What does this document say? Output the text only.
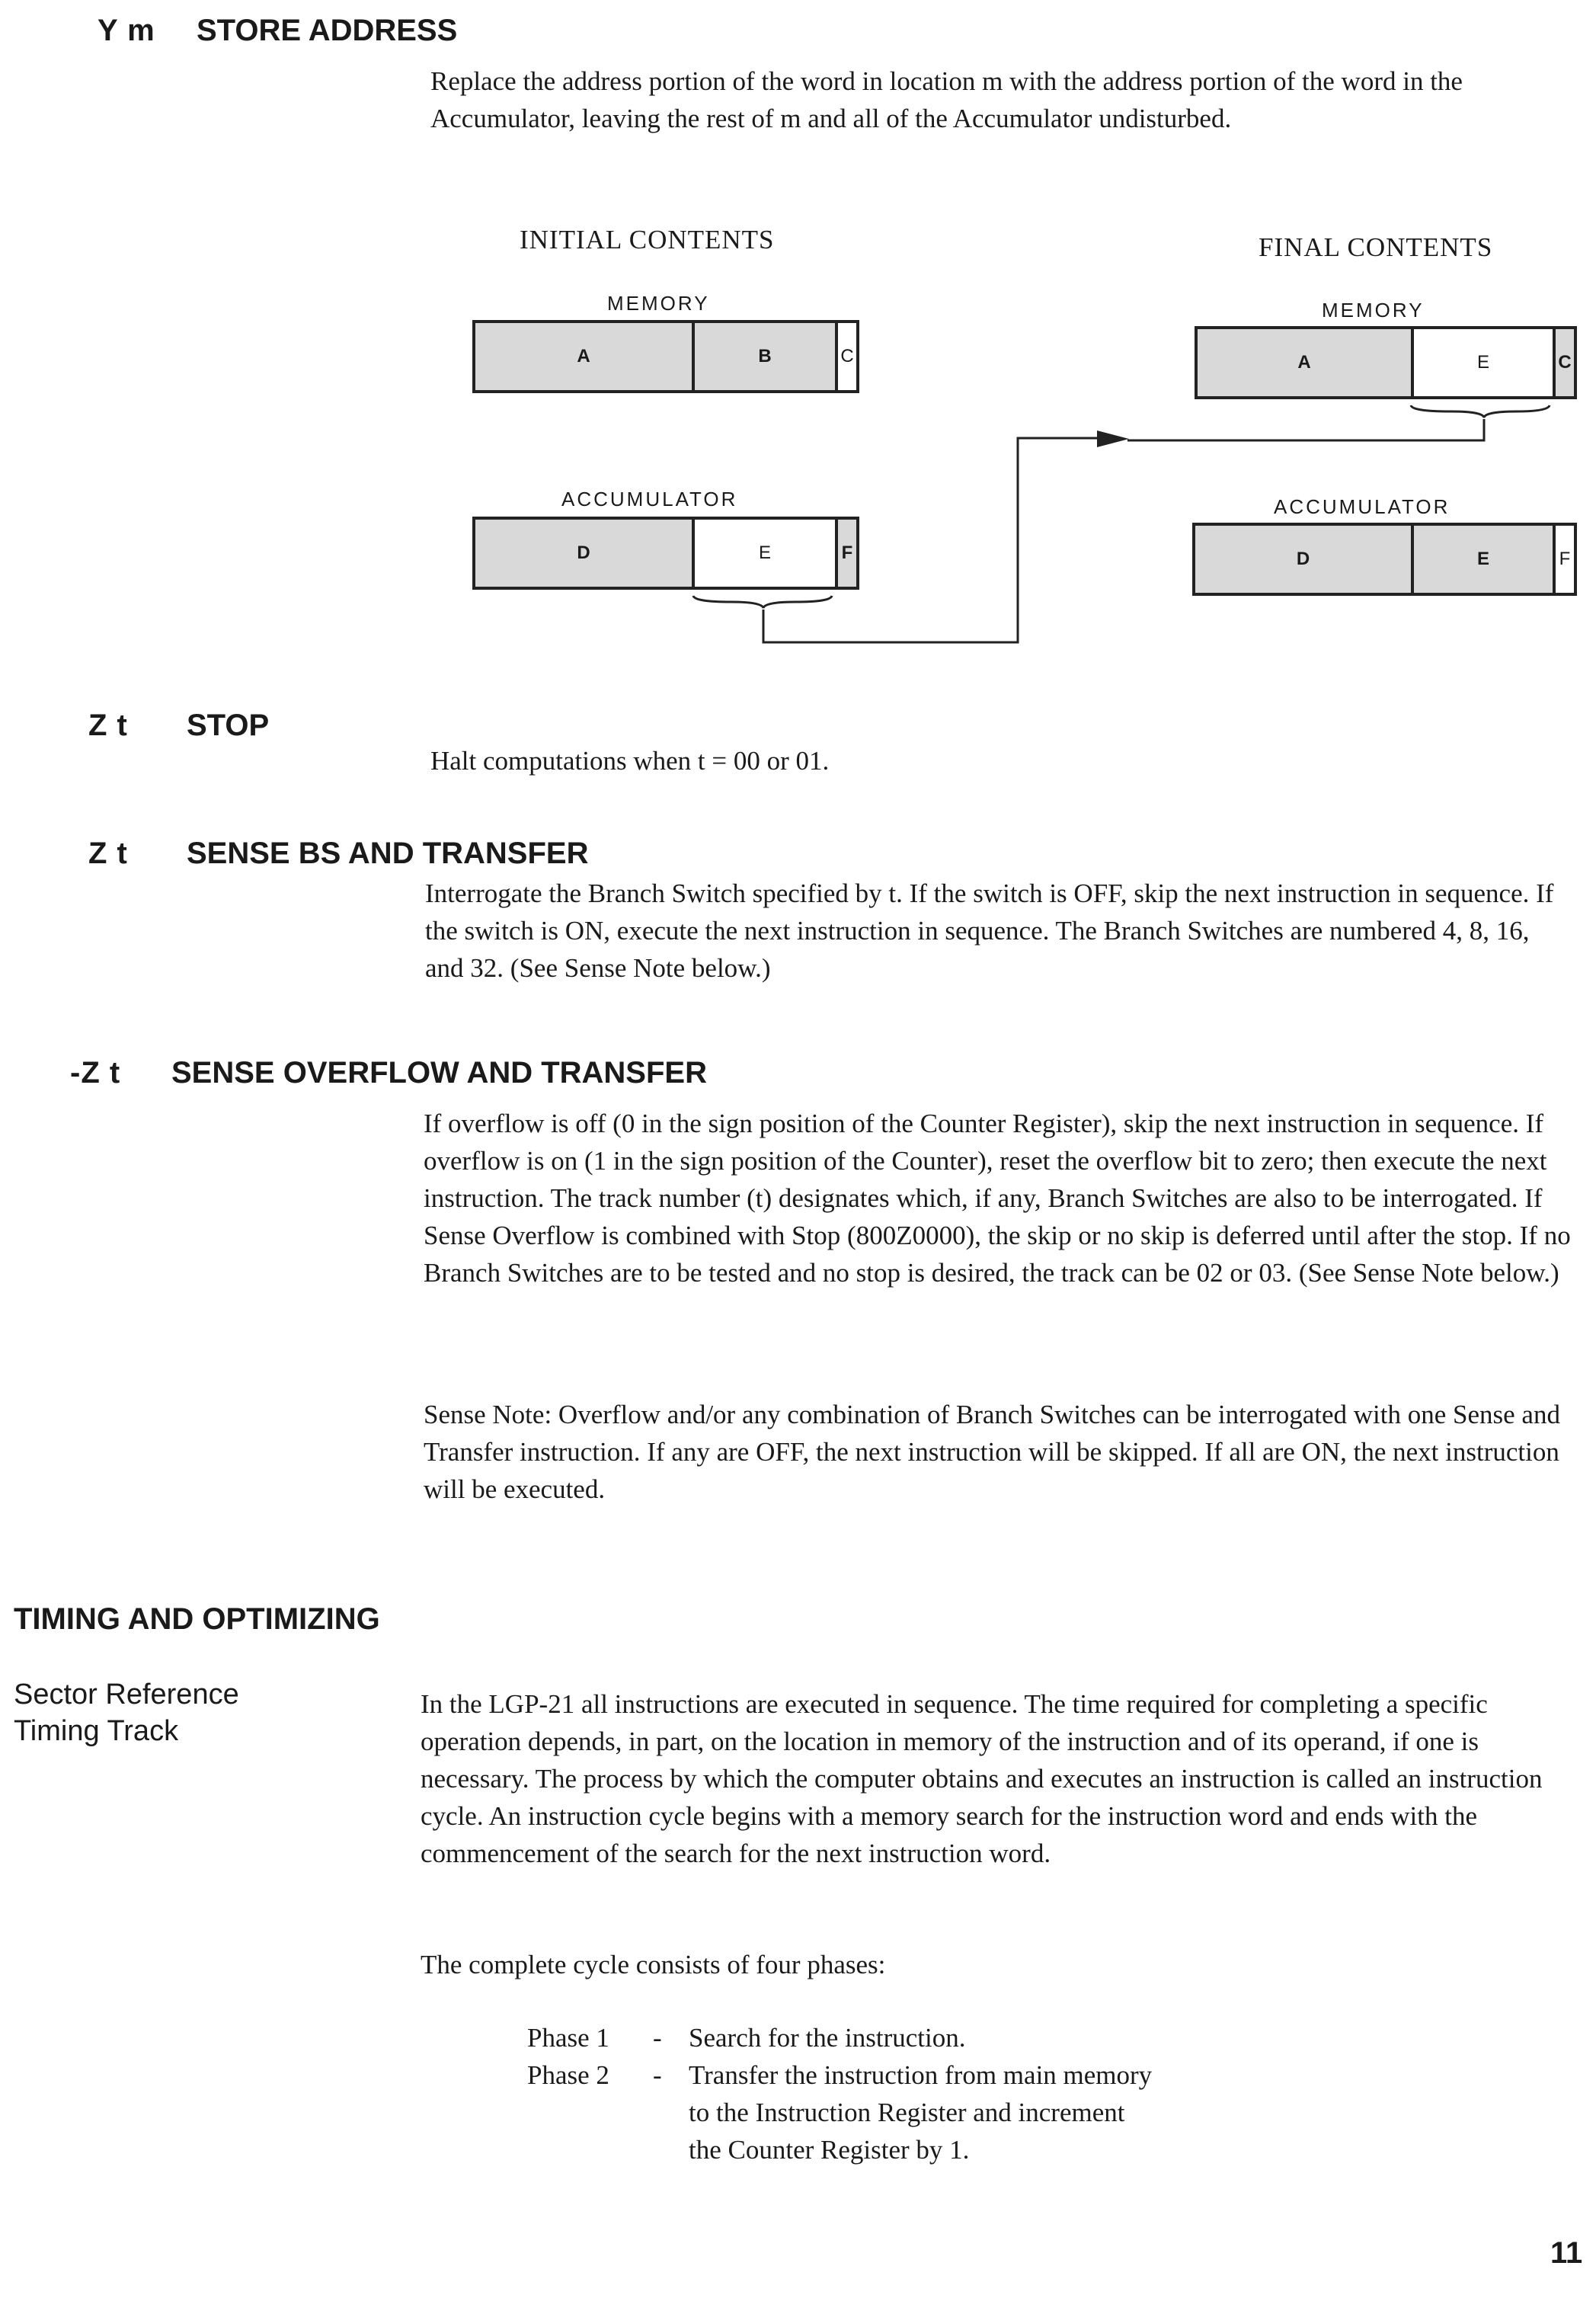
Y m STORE ADDRESS

Replace the address portion of the word in location m with the address portion of the word in the Accumulator, leaving the rest of m and all of the Accumulator undisturbed.

INITIAL CONTENTS	FINAL CONTENTS
MEMORY
A	B	C
ACCUMULATOR
D	E	F
MEMORY
A	E	C
ACCUMULATOR
D	E	F
Z t STOP
Halt computations when t = 00 or 01.
Z t SENSE BS AND TRANSFER
Interrogate the Branch Switch specified by t. If the switch is OFF, skip the next instruction in sequence. If the switch is ON, execute the next instruction in sequence. The Branch Switches are numbered 4, 8, 16, and 32. (See Sense Note below.)
-Z t SENSE OVERFLOW AND TRANSFER
If overflow is off (0 in the sign position of the Counter Register), skip the next instruction in sequence. If overflow is on (1 in the sign position of the Counter), reset the overflow bit to zero; then execute the next instruction. The track number (t) designates which, if any, Branch Switches are also to be interrogated. If Sense Overflow is combined with Stop (800Z0000), the skip or no skip is deferred until after the stop. If no Branch Switches are to be tested and no stop is desired, the track can be 02 or 03. (See Sense Note below.)
Sense Note: Overflow and/or any combination of Branch Switches can be interrogated with one Sense and Transfer instruction. If any are OFF, the next instruction will be skipped. If all are ON, the next instruction will be executed.
TIMING AND OPTIMIZING
Sector Reference
Timing Track
In the LGP-21 all instructions are executed in sequence. The time required for completing a specific operation depends, in part, on the location in memory of the instruction and of its operand, if one is necessary. The process by which the computer obtains and executes an instruction is called an instruction cycle. An instruction cycle begins with a memory search for the instruction word and ends with the commencement of the search for the next instruction word.
The complete cycle consists of four phases:
Phase 1	-	Search for the instruction.
Phase 2	-	Transfer the instruction from main memory to the Instruction Register and increment the Counter Register by 1.
11
